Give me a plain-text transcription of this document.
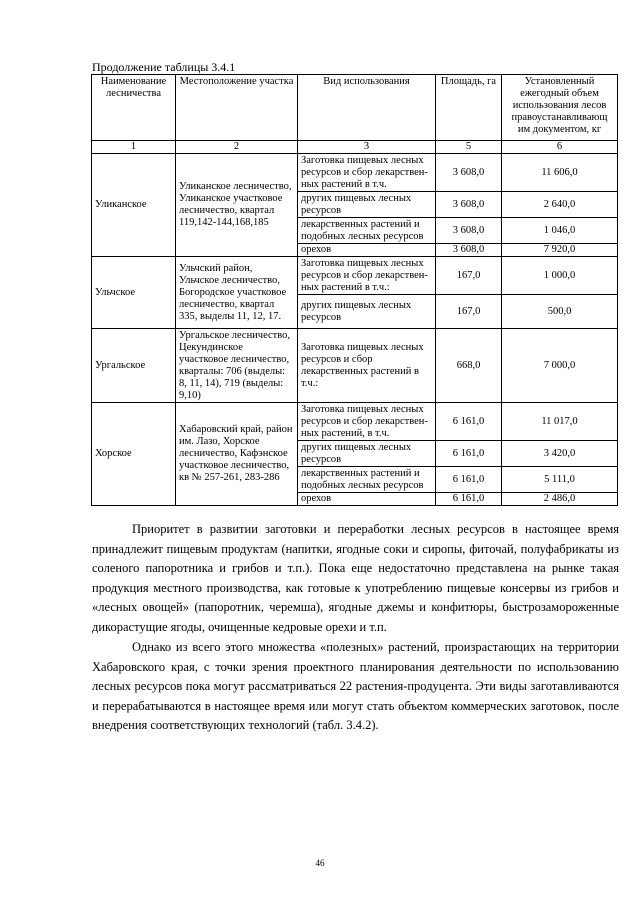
Продолжение таблицы 3.4.1
Наименование лесничества	Местоположение участка	Вид использования	Площадь, га	Установленный ежегодный объем использования лесов правоустанавливающ им документом, кг
1	2	3	5	6
Уликанское	Уликанское лесничество, Уликанское участковое лесничество, квартал 119,142-144,168,185	Заготовка пищевых лесных ресурсов и сбор лекарствен-ных растений в т.ч.	3 608,0	11 606,0
		других пищевых лесных ресурсов	3 608,0	2 640,0
		лекарственных растений и подобных лесных ресурсов	3 608,0	1 046,0
		орехов	3 608,0	7 920,0
Ульчское	Ульчский район, Ульчское лесничество, Богородское участковое лесничество, квартал 335, выделы 11, 12, 17.	Заготовка пищевых лесных ресурсов и сбор лекарствен-ных растений в т.ч.:	167,0	1 000,0
		других пищевых лесных ресурсов	167,0	500,0
Ургальское	Ургальское лесничество, Цекундинское участковое лесничество, кварталы: 706 (выделы: 8, 11, 14), 719 (выделы: 9,10)	Заготовка пищевых лесных ресурсов и сбор лекарственных растений в т.ч.:	668,0	7 000,0
Хорское	Хабаровский край, район им. Лазо, Хорское лесничество, Кафэнское участковое лесничество, кв № 257-261, 283-286	Заготовка пищевых лесных ресурсов и сбор лекарствен-ных растений, в т.ч.	6 161,0	11 017,0
		других пищевых лесных ресурсов	6 161,0	3 420,0
		лекарственных растений и подобных лесных ресурсов	6 161,0	5 111,0
		орехов	6 161,0	2 486,0

Приоритет в развитии заготовки и переработки лесных ресурсов в настоящее время принадлежит пищевым продуктам (напитки, ягодные соки и сиропы, фиточай, полуфабрикаты из соленого папоротника и грибов и т.п.). Пока еще недостаточно представлена на рынке такая продукция местного производства, как готовые к употреблению пищевые консервы из грибов и «лесных овощей» (папоротник, черемша), ягодные джемы и конфитюры, быстрозамороженные дикорастущие ягоды, очищенные кедровые орехи и т.п.

Однако из всего этого множества «полезных» растений, произрастающих на территории Хабаровского края, с точки зрения проектного планирования деятельности по использованию лесных ресурсов пока могут рассматриваться 22 растения-продуцента. Эти виды заготавливаются и перерабатываются в настоящее время или могут стать объектом коммерческих заготовок, после внедрения соответствующих технологий (табл. 3.4.2).

46
